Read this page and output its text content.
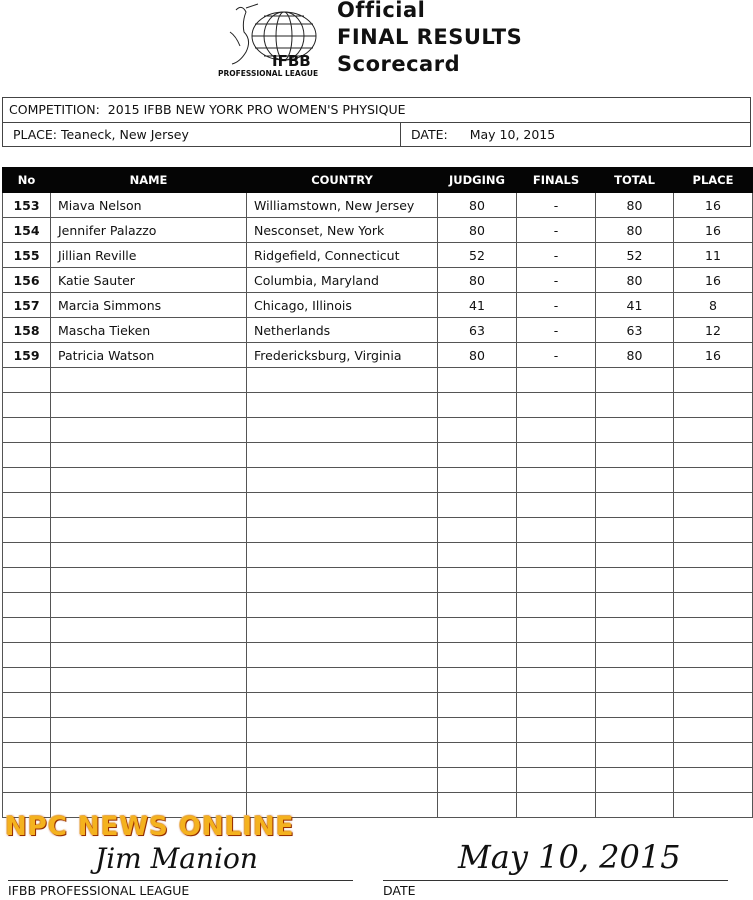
IFBB
PROFESSIONAL LEAGUE
Official
FINAL RESULTS
Scorecard
COMPETITION: 2015 IFBB NEW YORK PRO WOMEN'S PHYSIQUE
PLACE: Teaneck, New Jersey	DATE: May 10, 2015
No	NAME	COUNTRY	JUDGING	FINALS	TOTAL	PLACE
153	Miava Nelson	Williamstown, New Jersey	80	-	80	16
154	Jennifer Palazzo	Nesconset, New York	80	-	80	16
155	Jillian Reville	Ridgefield, Connecticut	52	-	52	11
156	Katie Sauter	Columbia, Maryland	80	-	80	16
157	Marcia Simmons	Chicago, Illinois	41	-	41	8
158	Mascha Tieken	Netherlands	63	-	63	12
159	Patricia Watson	Fredericksburg, Virginia	80	-	80	16

NPC NEWS ONLINE
Jim Manion	May 10, 2015
IFBB PROFESSIONAL LEAGUE	DATE
